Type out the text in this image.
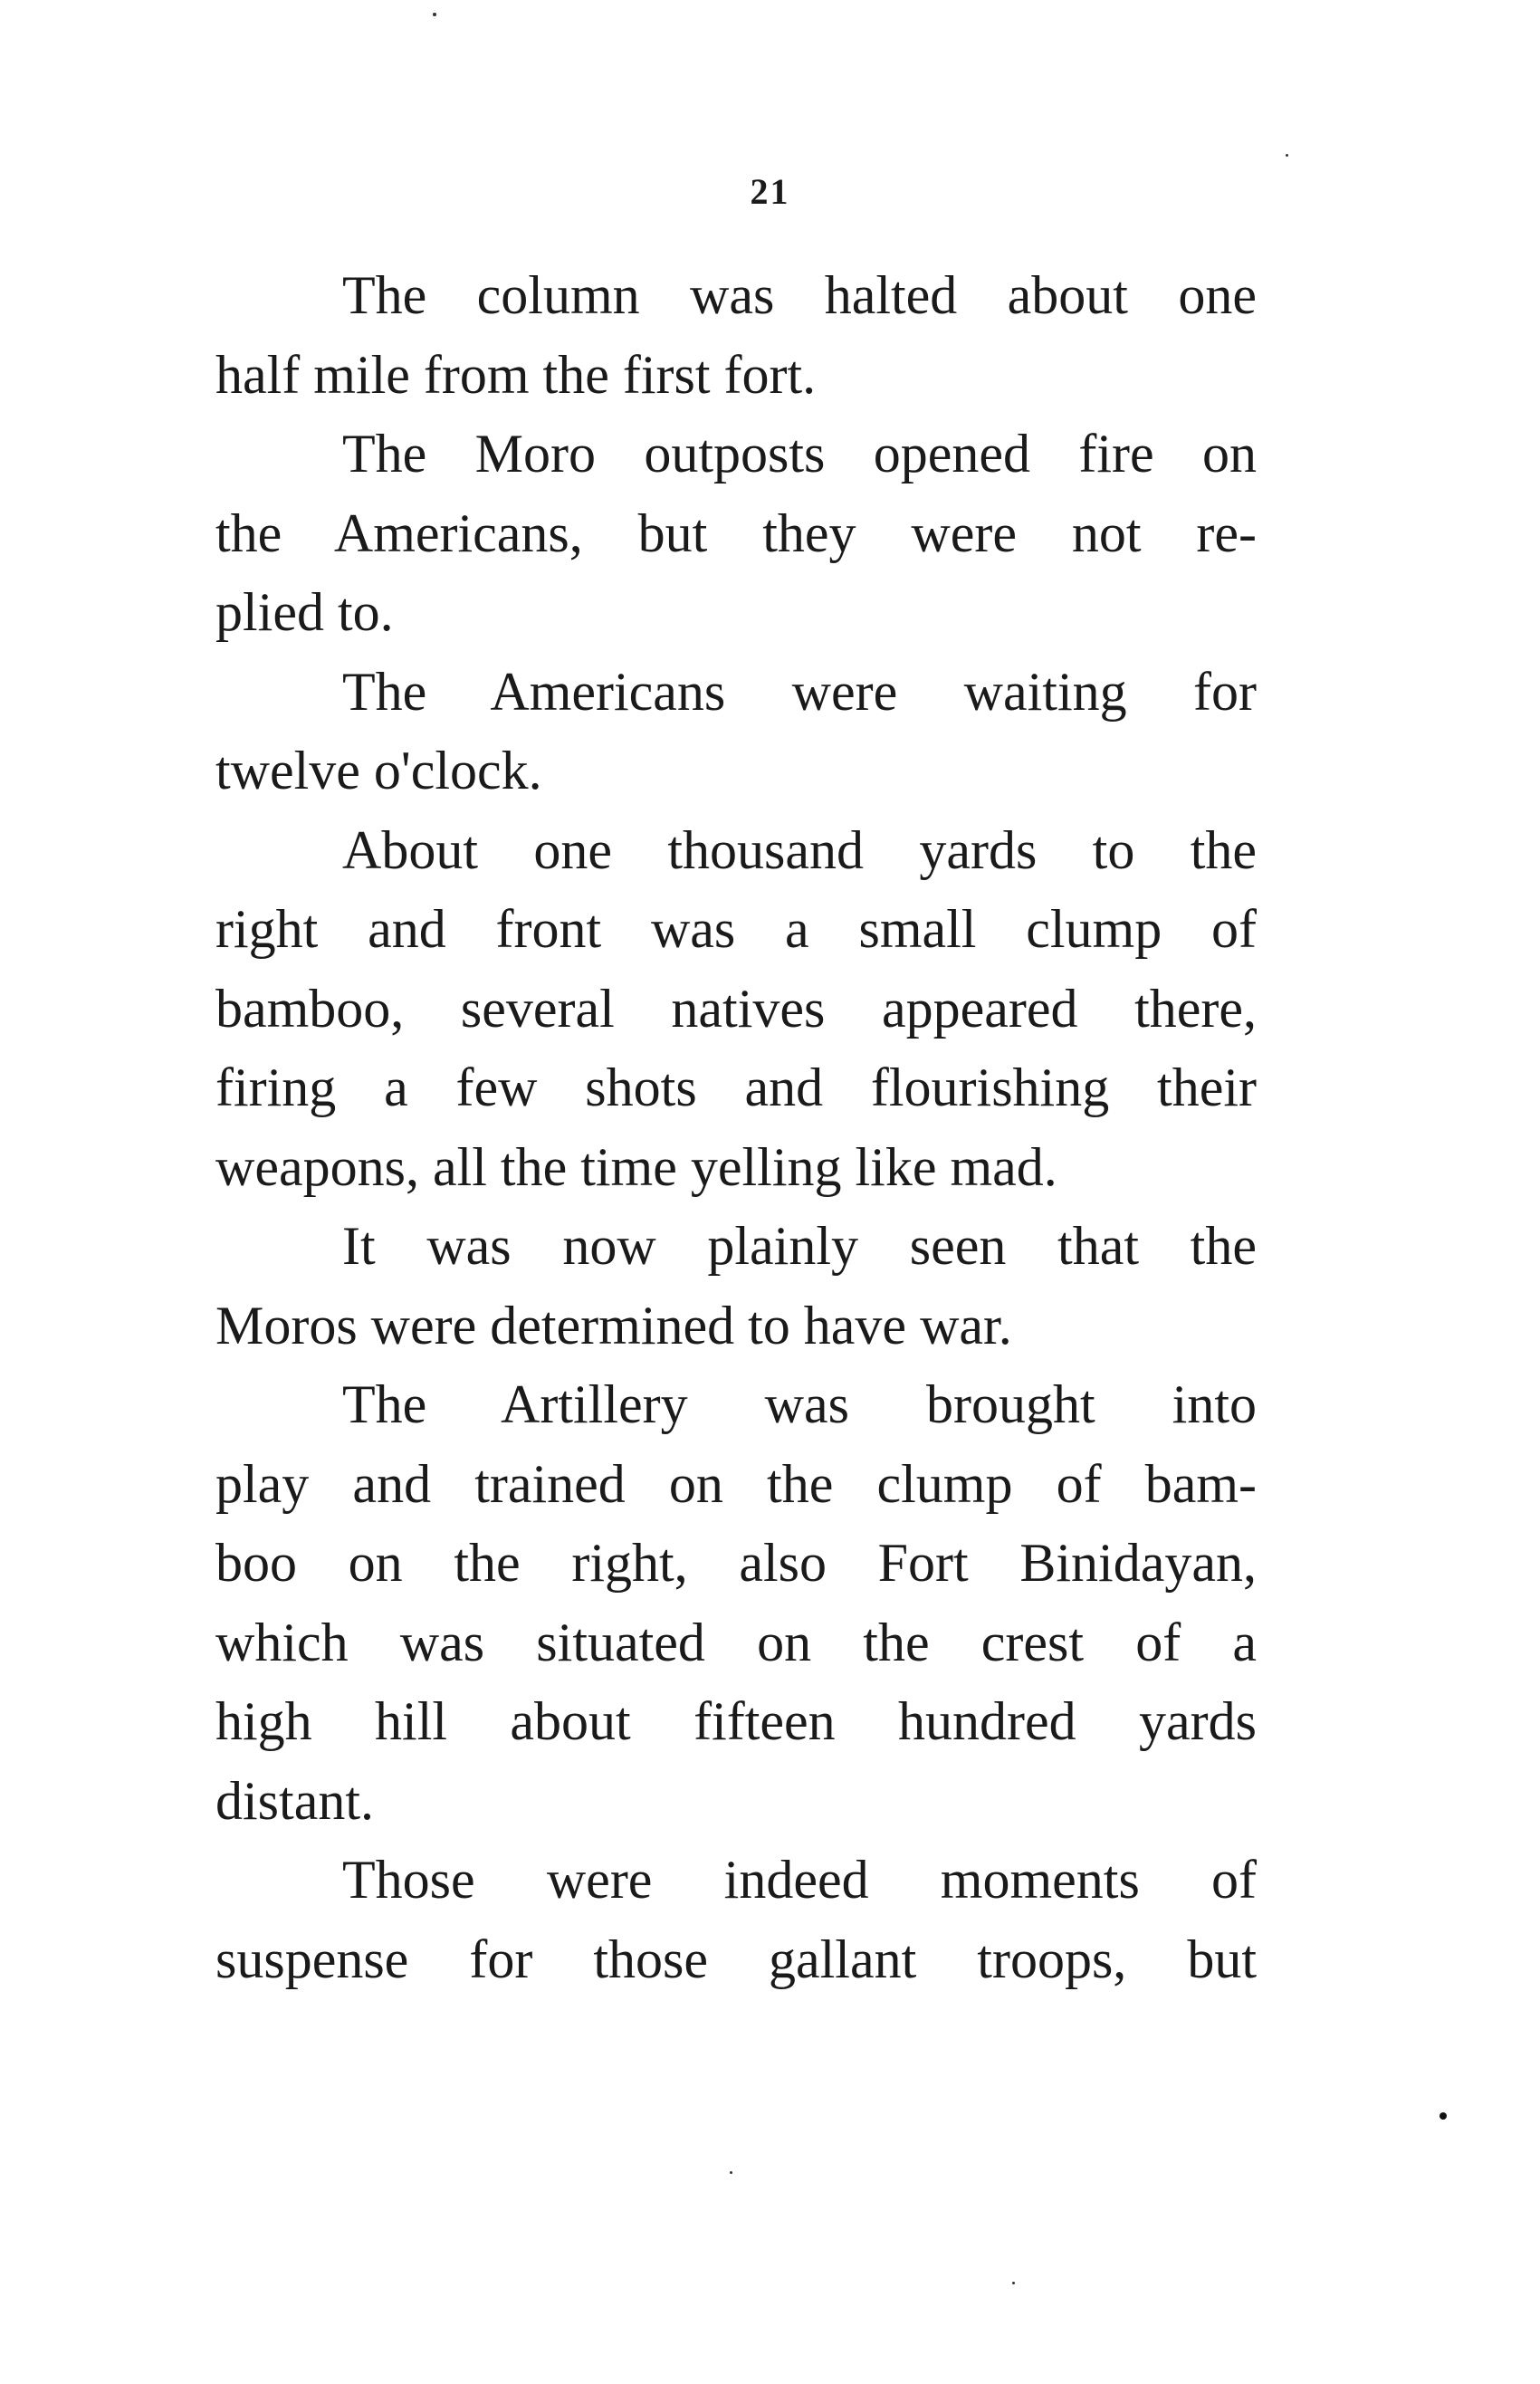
21
The column was halted about one
half mile from the first fort.
The Moro outposts opened fire on
the Americans, but they were not re-
plied to.
The Americans were waiting for
twelve o'clock.
About one thousand yards to the
right and front was a small clump of
bamboo, several natives appeared there,
firing a few shots and flourishing their
weapons, all the time yelling like mad.
It was now plainly seen that the
Moros were determined to have war.
The Artillery was brought into
play and trained on the clump of bam-
boo on the right, also Fort Binidayan,
which was situated on the crest of a
high hill about fifteen hundred yards
distant.
Those were indeed moments of
suspense for those gallant troops, but
